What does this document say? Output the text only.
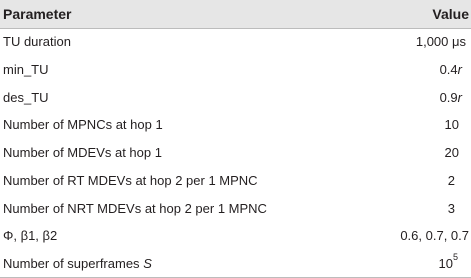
Parameter	Value
TU duration	1,000 μs
min_TU	0.4r
des_TU	0.9r
Number of MPNCs at hop 1	10
Number of MDEVs at hop 1	20
Number of RT MDEVs at hop 2 per 1 MPNC	2
Number of NRT MDEVs at hop 2 per 1 MPNC	3
Φ, β1, β2	0.6, 0.7, 0.7
Number of superframes S	$10^5$
